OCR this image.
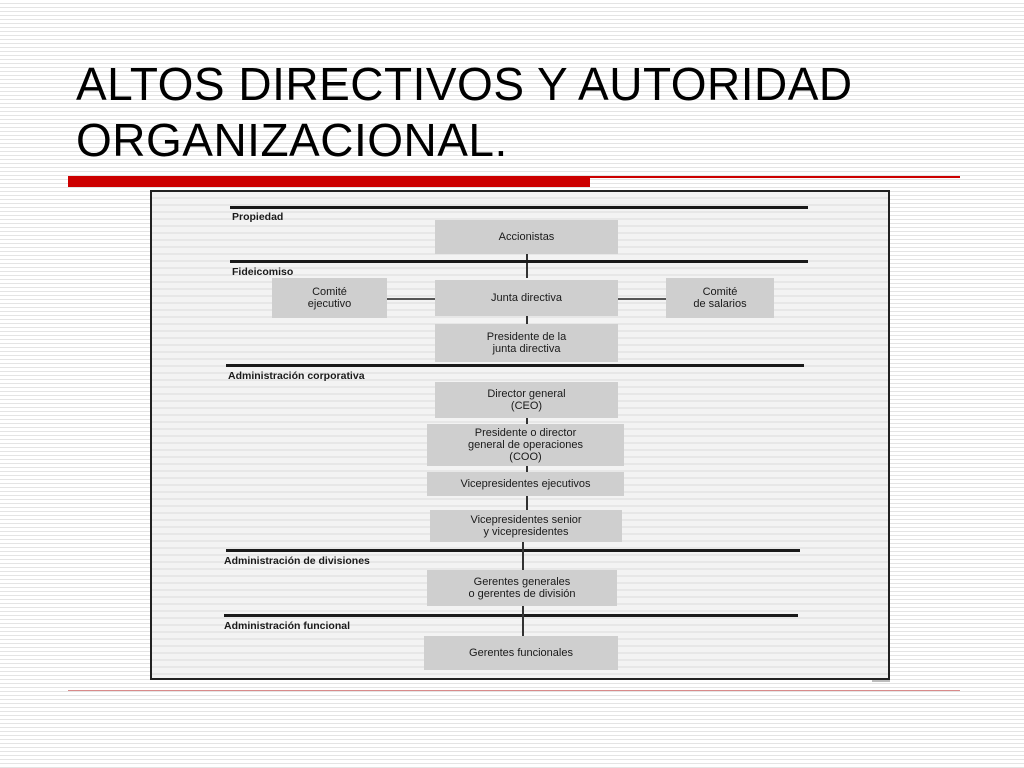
ALTOS DIRECTIVOS Y AUTORIDAD
ORGANIZACIONAL.
Propiedad
Accionistas
Fideicomiso
Comité
ejecutivo	Junta directiva	Comité
de salarios
Presidente de la
junta directiva
Administración corporativa
Director general
(CEO)
Presidente o director
general de operaciones
(COO)
Vicepresidentes ejecutivos
Vicepresidentes senior
y vicepresidentes
Administración de divisiones
Gerentes generales
o gerentes de división
Administración funcional
Gerentes funcionales
